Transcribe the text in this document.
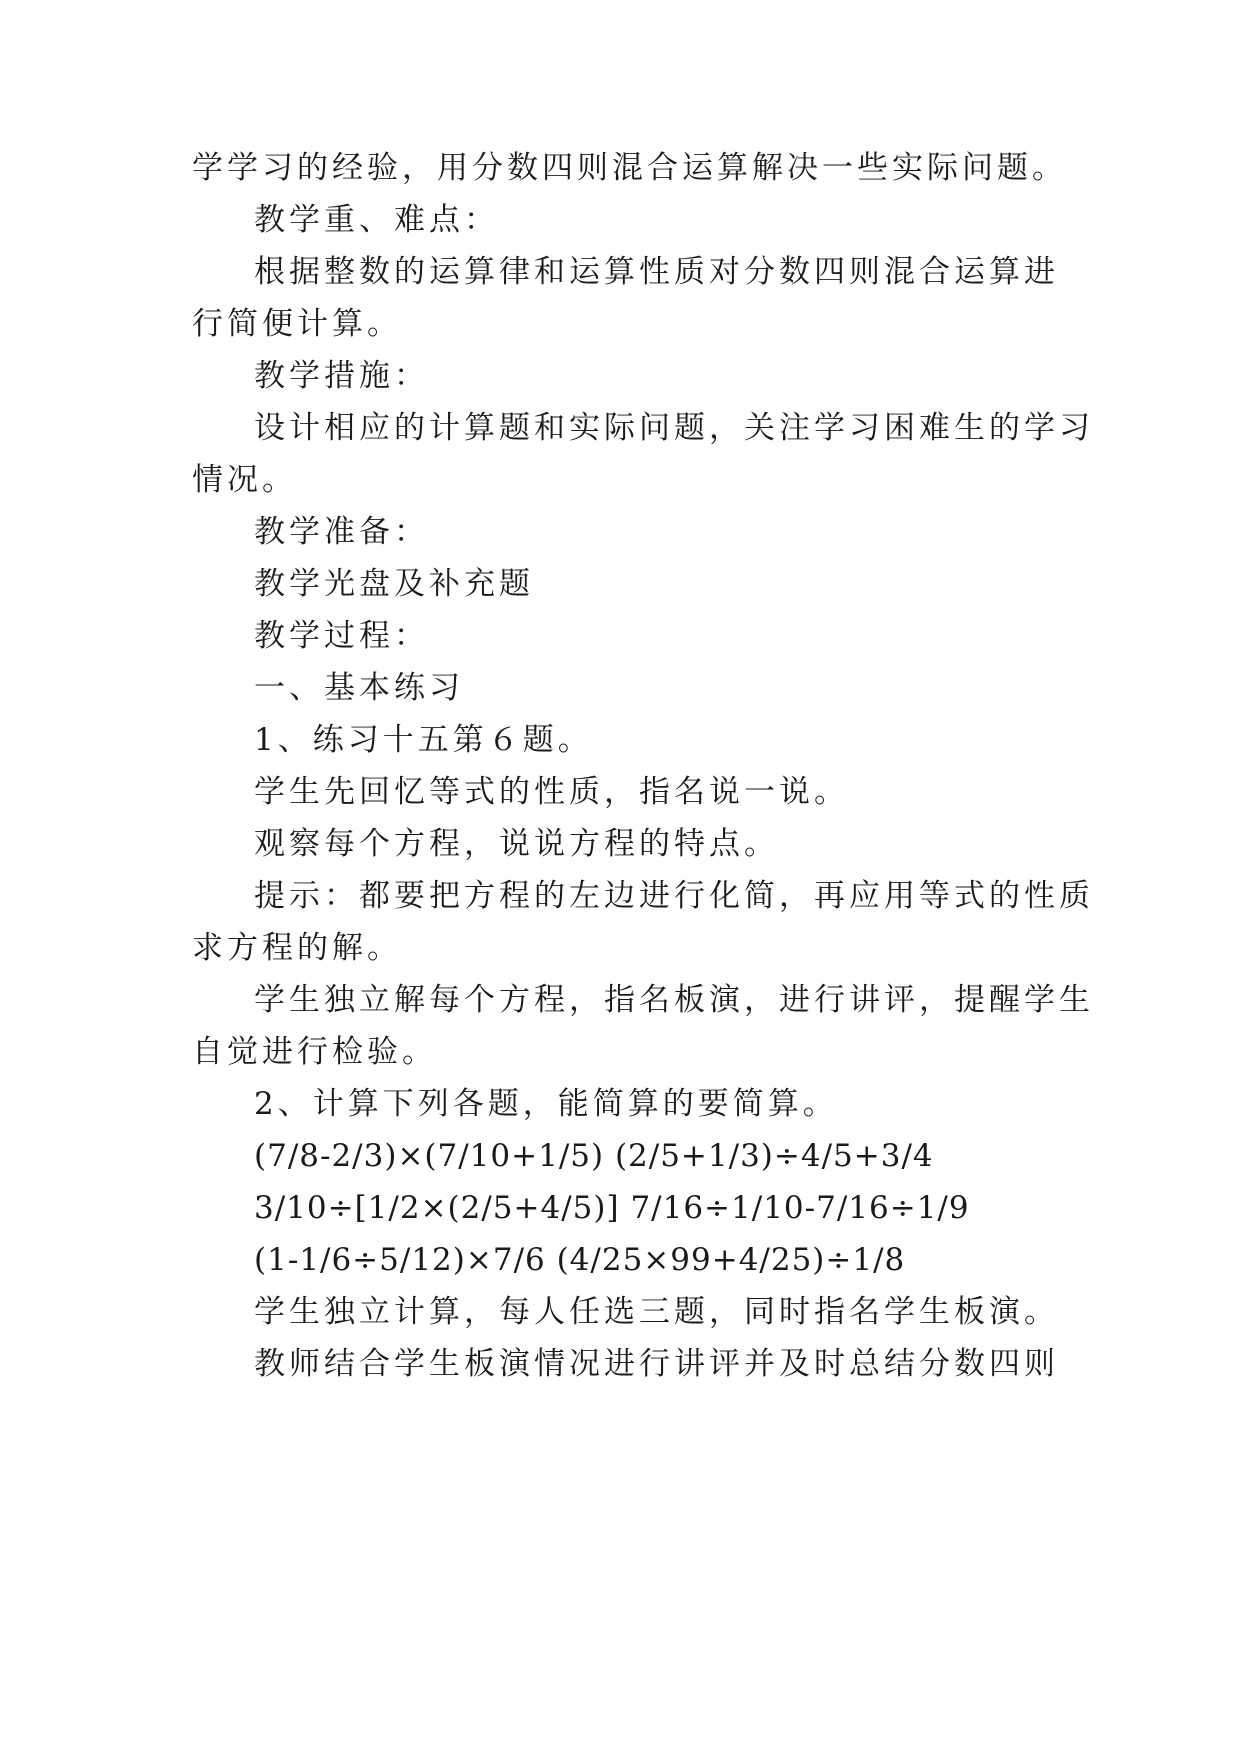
学学习的经验，用分数四则混合运算解决一些实际问题。
教学重、难点：
根据整数的运算律和运算性质对分数四则混合运算进
行简便计算。
教学措施：
设计相应的计算题和实际问题，关注学习困难生的学习
情况。
教学准备：
教学光盘及补充题
教学过程：
一、基本练习
1、练习十五第６题。
学生先回忆等式的性质，指名说一说。
观察每个方程，说说方程的特点。
提示：都要把方程的左边进行化简，再应用等式的性质
求方程的解。
学生独立解每个方程，指名板演，进行讲评，提醒学生
自觉进行检验。
2、计算下列各题，能简算的要简算。
(7/8-2/3)×(7/10+1/5) (2/5+1/3)÷4/5+3/4
3/10÷[1/2×(2/5+4/5)] 7/16÷1/10-7/16÷1/9
(1-1/6÷5/12)×7/6 (4/25×99+4/25)÷1/8
学生独立计算，每人任选三题，同时指名学生板演。
教师结合学生板演情况进行讲评并及时总结分数四则
